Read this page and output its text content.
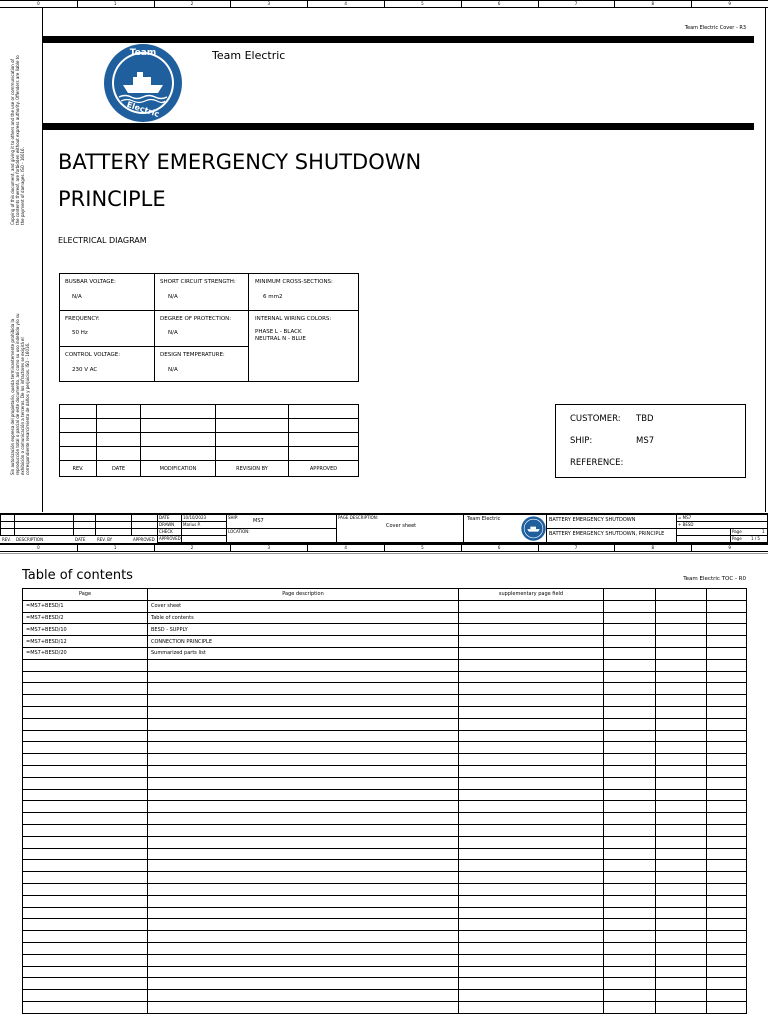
0	1	2	3	4	5	6	7	8	9
Copying of this document, and giving it to others and the use or communication of the contents thereof, are forbidden without express authority. Offenders are liable to the payment of damages. ISO - 16016.
Sin autorización expresa del propietario, queda terminantemente prohibida la reproducción total o parcial de este documento, así como su uso indebido y/o su exhibición o comunicación a terceros. De los infractores se exigirá el correspondiente resarcimiento de daños y perjuicios. ISO - 16016.
Team Electric Cover - R3
Team
Electric
Team Electric
BATTERY EMERGENCY SHUTDOWN
PRINCIPLE
ELECTRICAL DIAGRAM
BUSBAR VOLTAGE:
N/A
SHORT CIRCUIT STRENGTH:
N/A
MINIMUM CROSS-SECTIONS:
6 mm2
FREQUENCY:
50 Hz
DEGREE OF PROTECTION:
N/A
INTERNAL WIRING COLORS:
PHASE L - BLACK
NEUTRAL N - BLUE
CONTROL VOLTAGE:
230 V AC
DESIGN TEMPERATURE:
N/A

REV.	DATE	MODIFICATION	REVISION BY	APPROVED
CUSTOMER: TBD
SHIP:	MS7
REFERENCE:
REV. DESCRIPTION	DATE	REV. BY	APPROVED
DATE	10/10/2023
DRAWN Marius P.
CHECK
APPROVED
SHIP:
MS7
LOCATION:
PAGE DESCRIPTION:
Cover sheet
Team Electric	BATTERY EMERGENCY SHUTDOWN
BATTERY EMERGENCY SHUTDOWN, PRINCIPLE
= MS7
+ BESD
Page	1
Page 1 / 5
0	1	2	3	4	5	6	7	8	9
Table of contents	Team Electric TOC - R0
Page	Page description	supplementary page field			
=MS7+BESD/1	Cover sheet				
=MS7+BESD/2	Table of contents				
=MS7+BESD/10	BESD - SUPPLY				
=MS7+BESD/12	CONNECTION PRINCIPLE				
=MS7+BESD/20	Summarized parts list				
